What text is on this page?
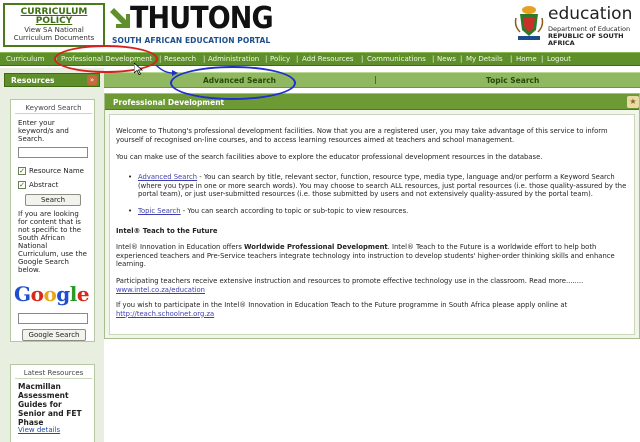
CURRICULUM POLICY
View SA National
Curriculum Documents
THUTONG
SOUTH AFRICAN EDUCATION PORTAL
education
Department of Education
REPUBLIC OF SOUTH AFRICA
Curriculum | Professional Development | Research | Administration | Policy | Add Resources | Communications | News | My Details | Home | Logout
Resources	»
Keyword Search
Enter your
keyword/s and
Search.
✓ Resource Name
✓ Abstract
Search
If you are looking
for content that is
not specific to the
South African
National
Curriculum, use the
Google Search
below.
Google Search
Google
Latest Resources
Macmillan
Assessment
Guides for
Senior and FET
Phase
View details
Advanced Search	|	Topic Search
Professional Development	★
Welcome to Thutong's professional development facilities. Now that you are a registered user, you may take advantage of this service to inform yourself of recognised on-line courses, and to access learning resources aimed at teachers and school management.
You can make use of the search facilities above to explore the educator professional development resources in the database.
• Advanced Search - You can search by title, relevant sector, function, resource type, media type, language and/or perform a Keyword Search (where you type in one or more search words). You may choose to search ALL resources, just portal resources (i.e. those quality-assured by the portal team), or just user-submitted resources (i.e. those submitted by users and not extensively quality-assured by the portal team).
• Topic Search - You can search according to topic or sub-topic to view resources.
Intel® Teach to the Future
Intel® Innovation in Education offers Worldwide Professional Development. Intel® Teach to the Future is a worldwide effort to help both experienced teachers and Pre-Service teachers integrate technology into instruction to develop students' higher-order thinking skills and enhance learning.
Participating teachers receive extensive instruction and resources to promote effective technology use in the classroom. Read more........
www.intel.co.za/education
If you wish to participate in the Intel® Innovation in Education Teach to the Future programme in South Africa please apply online at
http://teach.schoolnet.org.za
